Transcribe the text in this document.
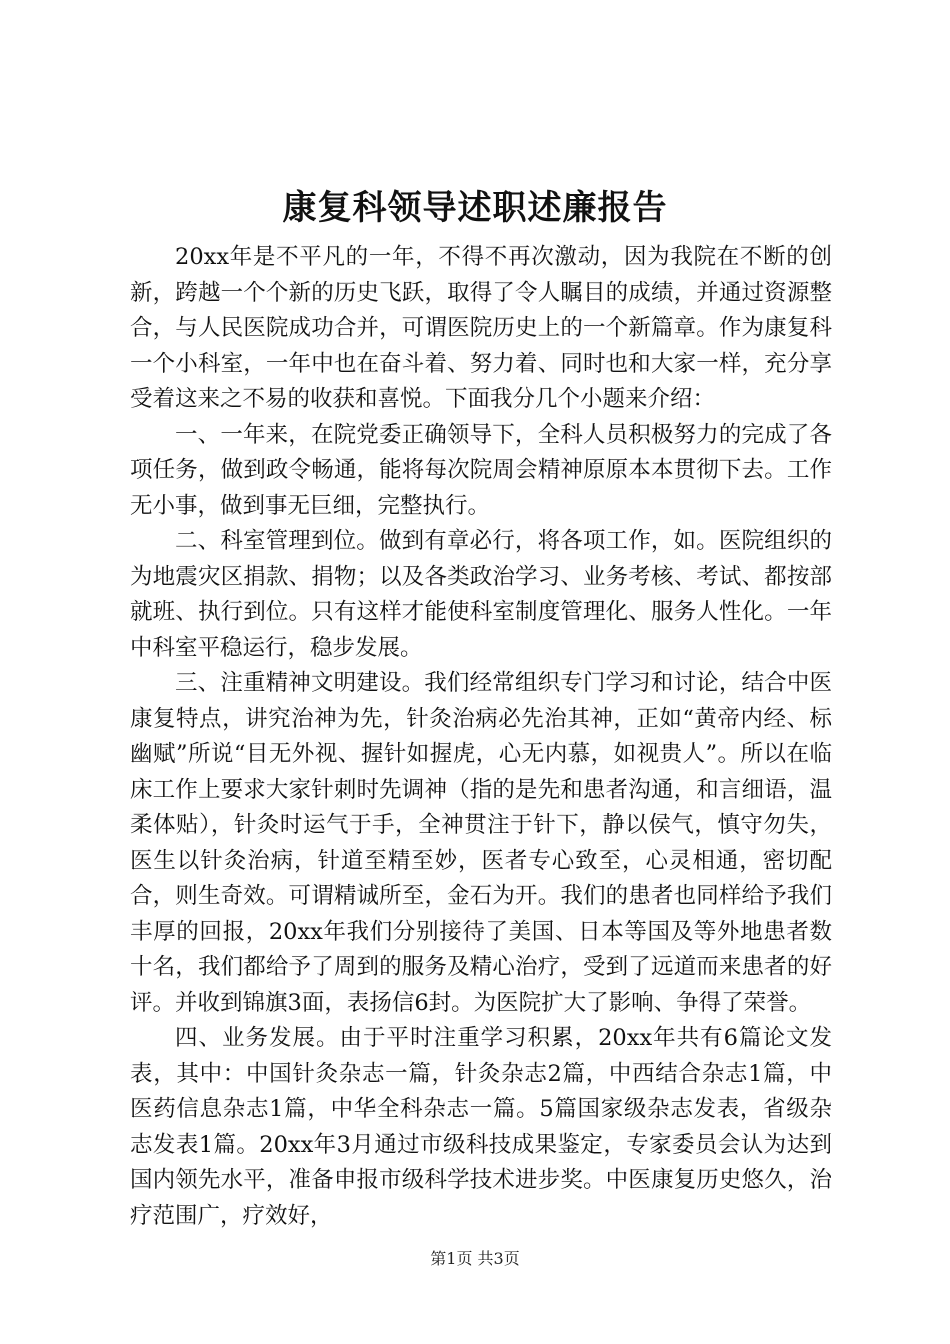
康复科领导述职述廉报告

20xx年是不平凡的一年，不得不再次激动，因为我院在不断的创新，跨越一个个新的历史飞跃，取得了令人瞩目的成绩，并通过资源整合，与人民医院成功合并，可谓医院历史上的一个新篇章。作为康复科一个小科室，一年中也在奋斗着、努力着、同时也和大家一样，充分享受着这来之不易的收获和喜悦。下面我分几个小题来介绍：

一、一年来，在院党委正确领导下，全科人员积极努力的完成了各项任务，做到政令畅通，能将每次院周会精神原原本本贯彻下去。工作无小事，做到事无巨细，完整执行。

二、科室管理到位。做到有章必行，将各项工作，如。医院组织的为地震灾区捐款、捐物；以及各类政治学习、业务考核、考试、都按部就班、执行到位。只有这样才能使科室制度管理化、服务人性化。一年中科室平稳运行，稳步发展。

三、注重精神文明建设。我们经常组织专门学习和讨论，结合中医康复特点，讲究治神为先，针灸治病必先治其神，正如“黄帝内经、标幽赋”所说“目无外视、握针如握虎，心无内慕，如视贵人”。所以在临床工作上要求大家针刺时先调神（指的是先和患者沟通，和言细语，温柔体贴），针灸时运气于手，全神贯注于针下，静以侯气，慎守勿失，医生以针灸治病，针道至精至妙，医者专心致至，心灵相通，密切配合，则生奇效。可谓精诚所至，金石为开。我们的患者也同样给予我们丰厚的回报，20xx年我们分别接待了美国、日本等国及等外地患者数十名，我们都给予了周到的服务及精心治疗，受到了远道而来患者的好评。并收到锦旗3面，表扬信6封。为医院扩大了影响、争得了荣誉。

四、业务发展。由于平时注重学习积累，20xx年共有6篇论文发表，其中：中国针灸杂志一篇，针灸杂志2篇，中西结合杂志1篇，中医药信息杂志1篇，中华全科杂志一篇。5篇国家级杂志发表，省级杂志发表1篇。20xx年3月通过市级科技成果鉴定，专家委员会认为达到国内领先水平，准备申报市级科学技术进步奖。中医康复历史悠久，治疗范围广，疗效好，

第1页 共3页
